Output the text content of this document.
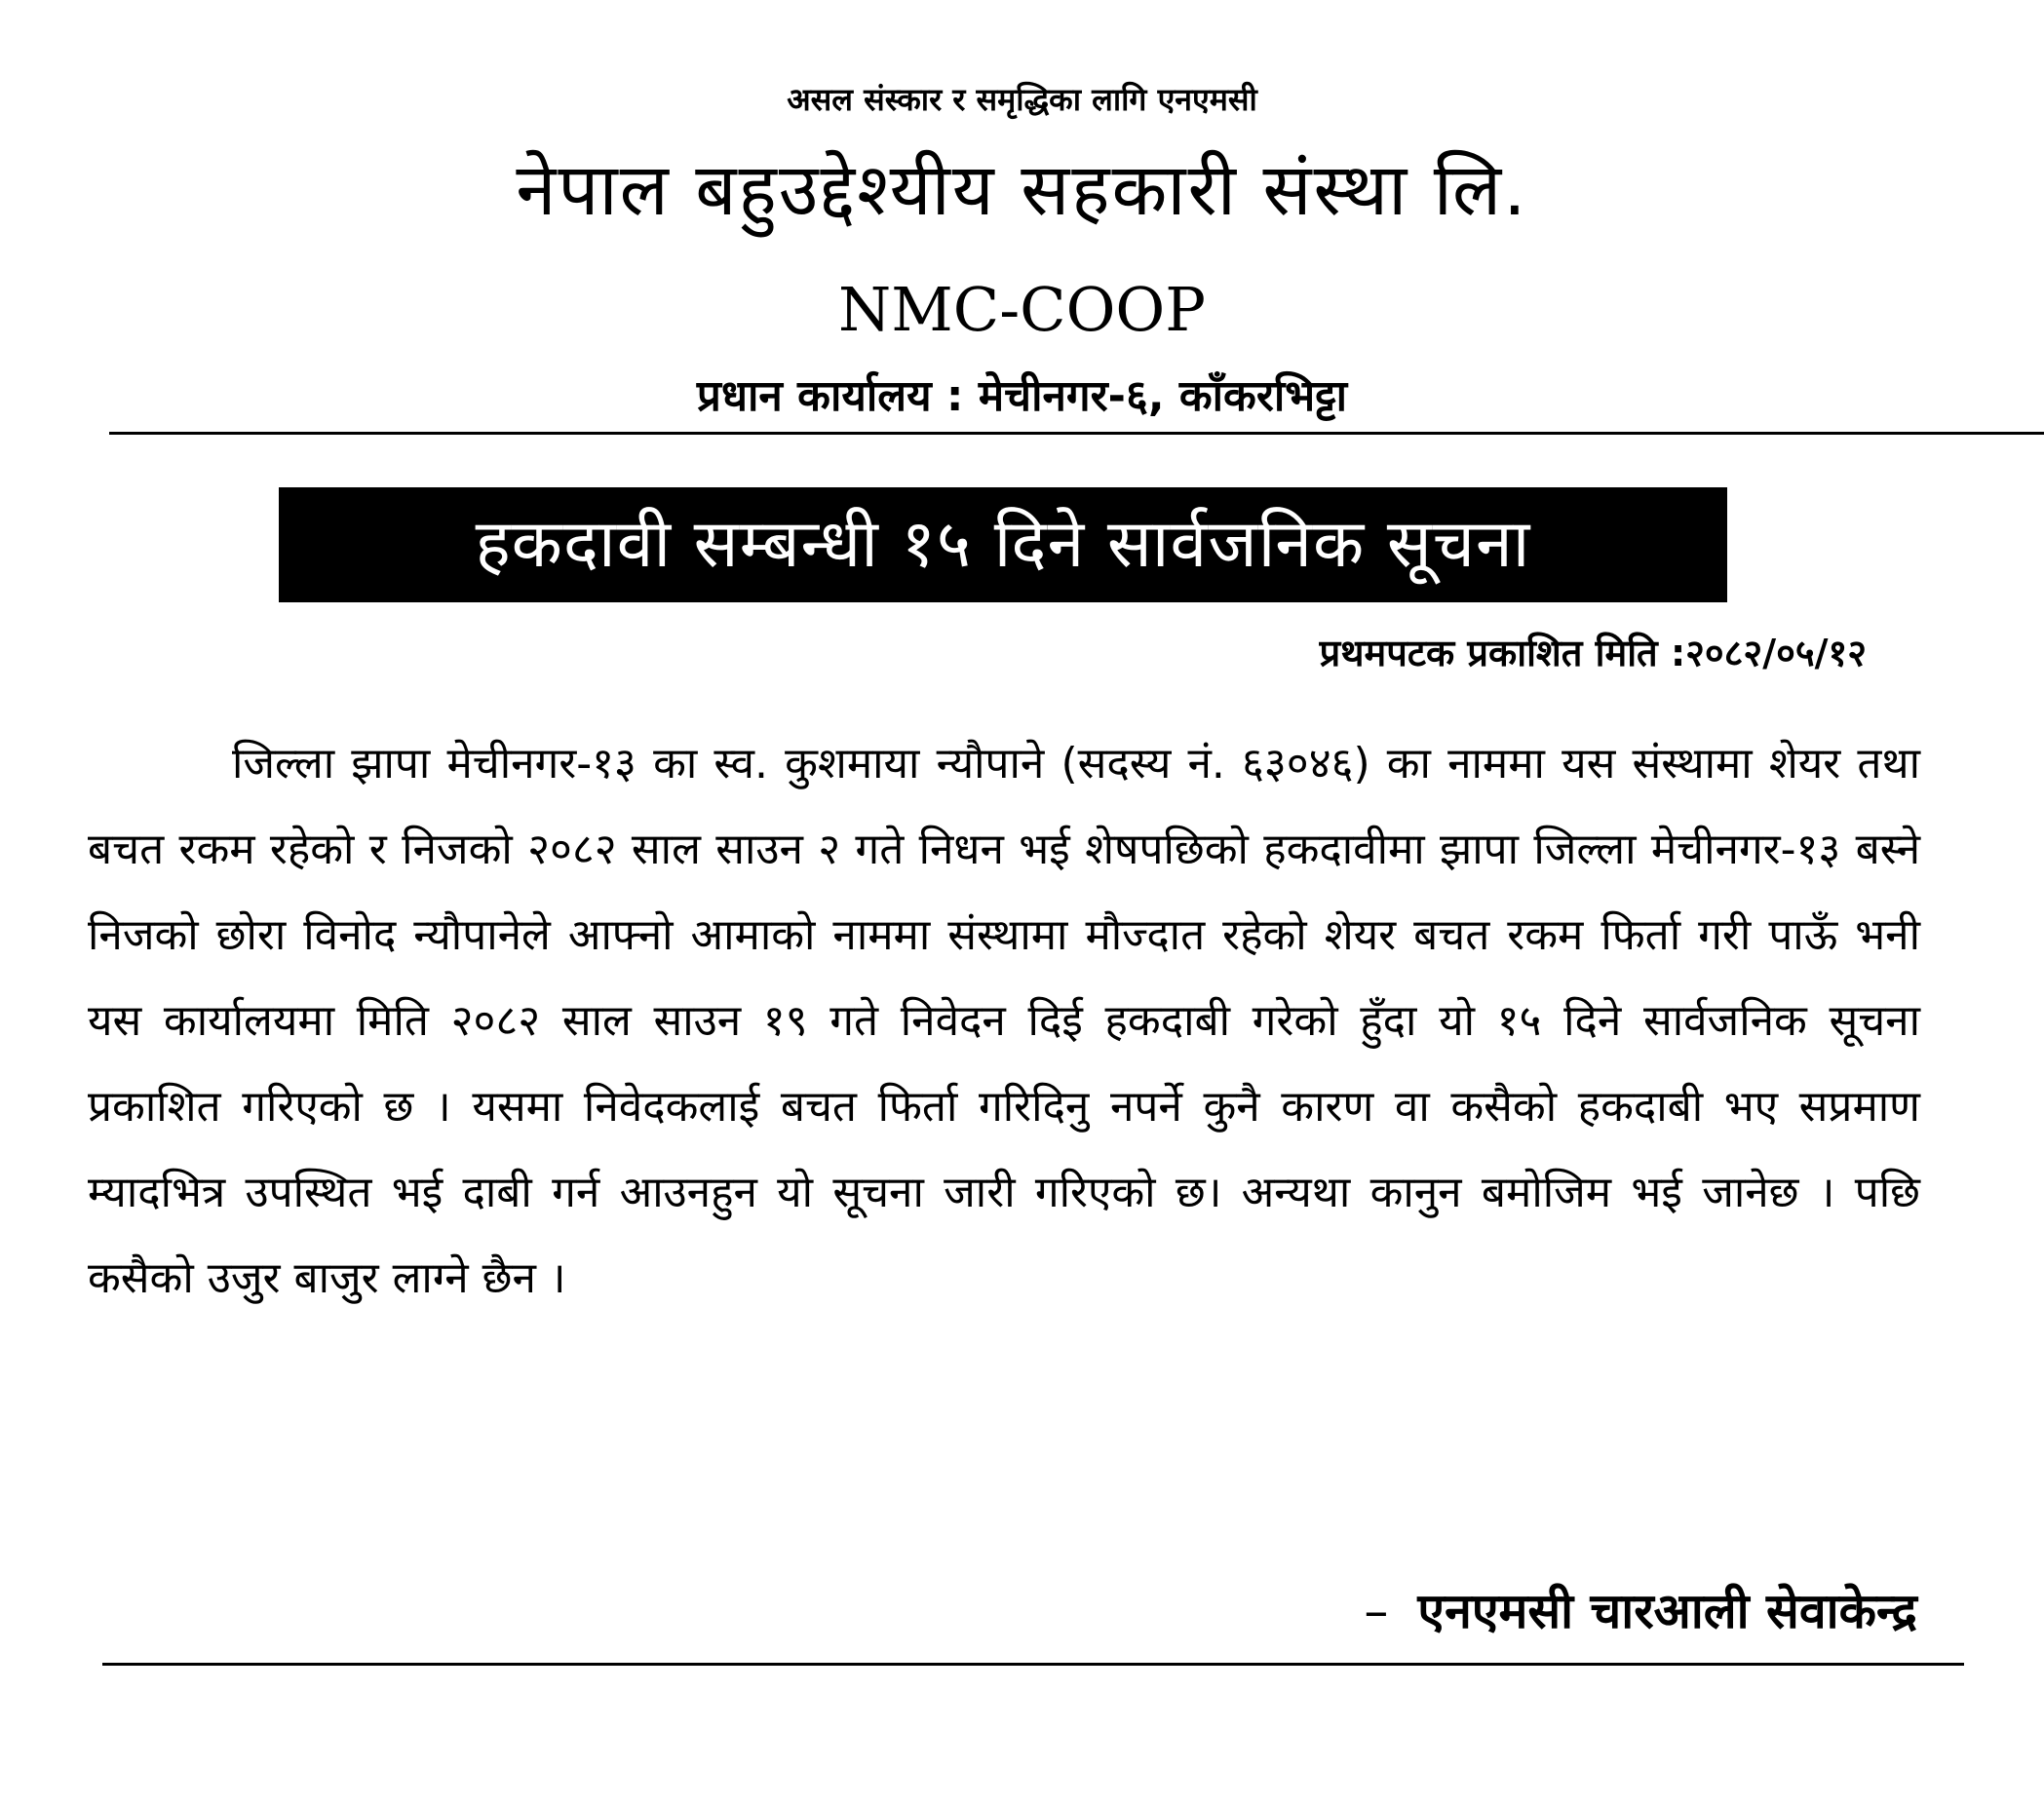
असल संस्कार र समृद्धिका लागि एनएमसी
नेपाल बहुउद्देश्यीय सहकारी संस्था लि.
NMC-COOP
प्रधान कार्यालय : मेचीनगर-६, काँकरभिट्टा
हकदावी सम्बन्धी १५ दिने सार्वजनिक सूचना
प्रथमपटक प्रकाशित मिति :२०८२/०५/१२

जिल्ला झापा मेचीनगर-१३ का स्व. कुशमाया न्यौपाने (सदस्य नं. ६३०४६) का नाममा यस संस्थामा शेयर तथा बचत रकम रहेको र निजको २०८२ साल साउन २ गते निधन भई शेषपछिको हकदावीमा झापा जिल्ला मेचीनगर-१३ बस्ने निजको छोरा विनोद न्यौपानेले आफ्नो आमाको नाममा संस्थामा मौज्दात रहेको शेयर बचत रकम फिर्ता गरी पाऊँ भनी यस कार्यालयमा मिति २०८२ साल साउन १९ गते निवेदन दिई हकदाबी गरेको हुँदा यो १५ दिने सार्वजनिक सूचना प्रकाशित गरिएको छ । यसमा निवेदकलाई बचत फिर्ता गरिदिनु नपर्ने कुनै कारण वा कसैको हकदाबी भए सप्रमाण म्यादभित्र उपस्थित भई दाबी गर्न आउनहुन यो सूचना जारी गरिएको छ। अन्यथा कानुन बमोजिम भई जानेछ । पछि कसैको उजुर बाजुर लाग्ने छैन ।

– एनएमसी चारआली सेवाकेन्द्र
